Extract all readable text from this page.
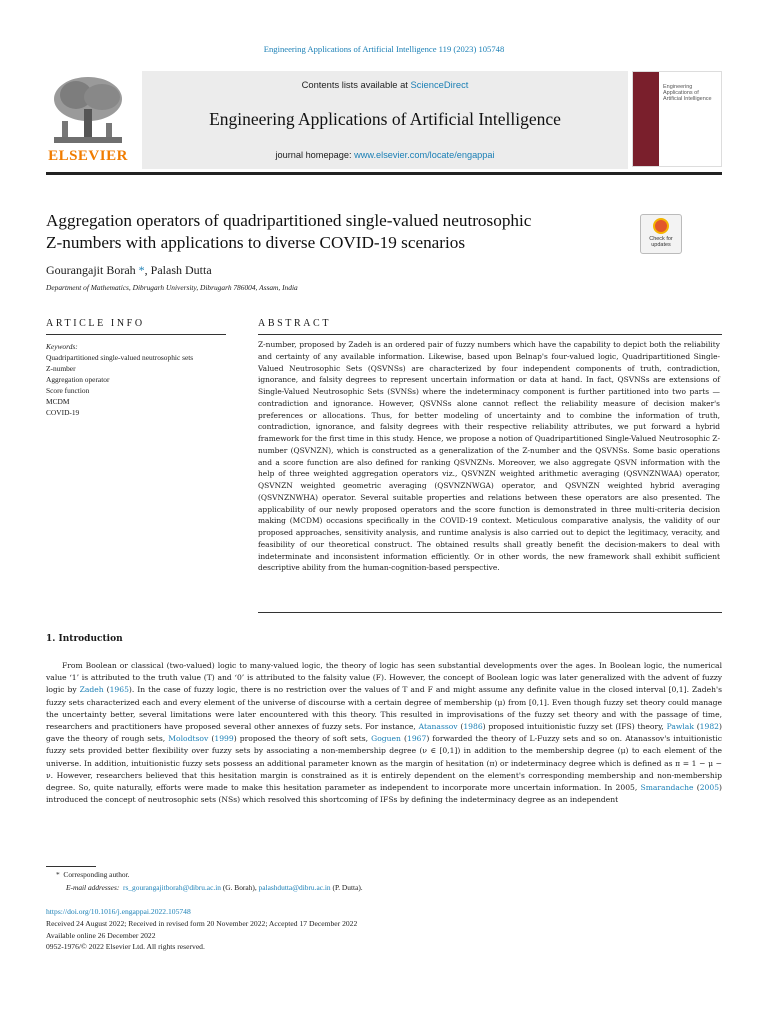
Engineering Applications of Artificial Intelligence 119 (2023) 105748
ELSEVIER
Contents lists available at ScienceDirect
Engineering Applications of Artificial Intelligence
journal homepage: www.elsevier.com/locate/engappai
Engineering Applications of Artificial Intelligence
Aggregation operators of quadripartitioned single-valued neutrosophic
Z-numbers with applications to diverse COVID-19 scenarios	Check for updates
Gourangajit Borah *, Palash Dutta
Department of Mathematics, Dibrugarh University, Dibrugarh 786004, Assam, India
ARTICLE INFO	ABSTRACT
Keywords:
Quadripartitioned single-valued neutrosophic sets
Z-number
Aggregation operator
Score function
MCDM
COVID-19
Z-number, proposed by Zadeh is an ordered pair of fuzzy numbers which have the capability to depict both the reliability and certainty of any available information. Likewise, based upon Belnap's four-valued logic, Quadripartitioned Single-Valued Neutrosophic Sets (QSVNSs) are characterized by four independent components of truth, contradiction, ignorance, and falsity degrees to represent uncertain information or data at hand. In fact, QSVNSs are extensions of Single-Valued Neutrosophic Sets (SVNSs) where the indeterminacy component is further partitioned into two parts — contradiction and ignorance. However, QSVNSs alone cannot reflect the reliability measure of decision maker's preferences or allocations. Thus, for better modeling of uncertainty and to combine the information of truth, contradiction, ignorance, and falsity degrees with their respective reliability attributes, we put forward a hybrid framework for the first time in this study. Hence, we propose a notion of Quadripartitioned Single-Valued Neutrosophic Z-number (QSVNZN), which is constructed as a generalization of the Z-number and the QSVNSs. Some basic operations and a score function are also defined for ranking QSVNZNs. Moreover, we also aggregate QSVN information with the help of three weighted aggregation operators viz., QSVNZN weighted arithmetic averaging (QSVNZNWAA) operator, QSVNZN weighted geometric averaging (QSVNZNWGA) operator, and QSVNZN weighted hybrid averaging (QSVNZNWHA) operator. Several suitable properties and relations between these operators are also presented. The applicability of our newly proposed operators and the score function is demonstrated in three multi-criteria decision making (MCDM) occasions specifically in the COVID-19 context. Meticulous comparative analysis, the validity of our proposed approaches, sensitivity analysis, and runtime analysis is also carried out to depict the legitimacy, veracity, and feasibility of our theoretical construct. The obtained results shall greatly benefit the decision-makers to deal with indeterminate and inconsistent information efficiently. Or in other words, the new framework shall exhibit sufficient descriptive ability from the human-cognition-based perspective.
1. Introduction
From Boolean or classical (two-valued) logic to many-valued logic, the theory of logic has seen substantial developments over the ages. In Boolean logic, the numerical value ‘1’ is attributed to the truth value (T) and ‘0’ is attributed to the falsity value (F). However, the concept of Boolean logic was later generalized with the advent of fuzzy logic by Zadeh (1965). In the case of fuzzy logic, there is no restriction over the values of T and F and might assume any definite value in the closed interval [0,1]. Zadeh's fuzzy sets characterized each and every element of the universe of discourse with a certain degree of membership (μ) from [0,1]. Even though fuzzy set theory could manage the uncertainty better, several limitations were later encountered with this theory. This resulted in improvisations of the fuzzy set theory and with the passage of time, researchers and practitioners have proposed several other annexes of fuzzy sets. For instance, Atanassov (1986) proposed intuitionistic fuzzy set (IFS) theory, Pawlak (1982) gave the theory of rough sets, Molodtsov (1999) proposed the theory of soft sets, Goguen (1967) forwarded the theory of L-Fuzzy sets and so on. Atanassov's intuitionistic fuzzy sets provided better flexibility over fuzzy sets by associating a non-membership degree (ν ∈ [0,1]) in addition to the membership degree (μ) to each element of the universe. In addition, intuitionistic fuzzy sets possess an additional parameter known as the margin of hesitation (π) or indeterminacy degree which is defined as π = 1 − μ − ν. However, researchers believed that this hesitation margin is constrained as it is entirely dependent on the element's corresponding membership and non-membership degree. So, quite naturally, efforts were made to make this hesitation parameter as independent to incorporate more uncertain information. In 2005, Smarandache (2005) introduced the concept of neutrosophic sets (NSs) which resolved this shortcoming of IFSs by defining the indeterminacy degree as an independent
* Corresponding author.
E-mail addresses: rs_gourangajitborah@dibru.ac.in (G. Borah), palashdutta@dibru.ac.in (P. Dutta).
https://doi.org/10.1016/j.engappai.2022.105748
Received 24 August 2022; Received in revised form 20 November 2022; Accepted 17 December 2022
Available online 26 December 2022
0952-1976/© 2022 Elsevier Ltd. All rights reserved.
